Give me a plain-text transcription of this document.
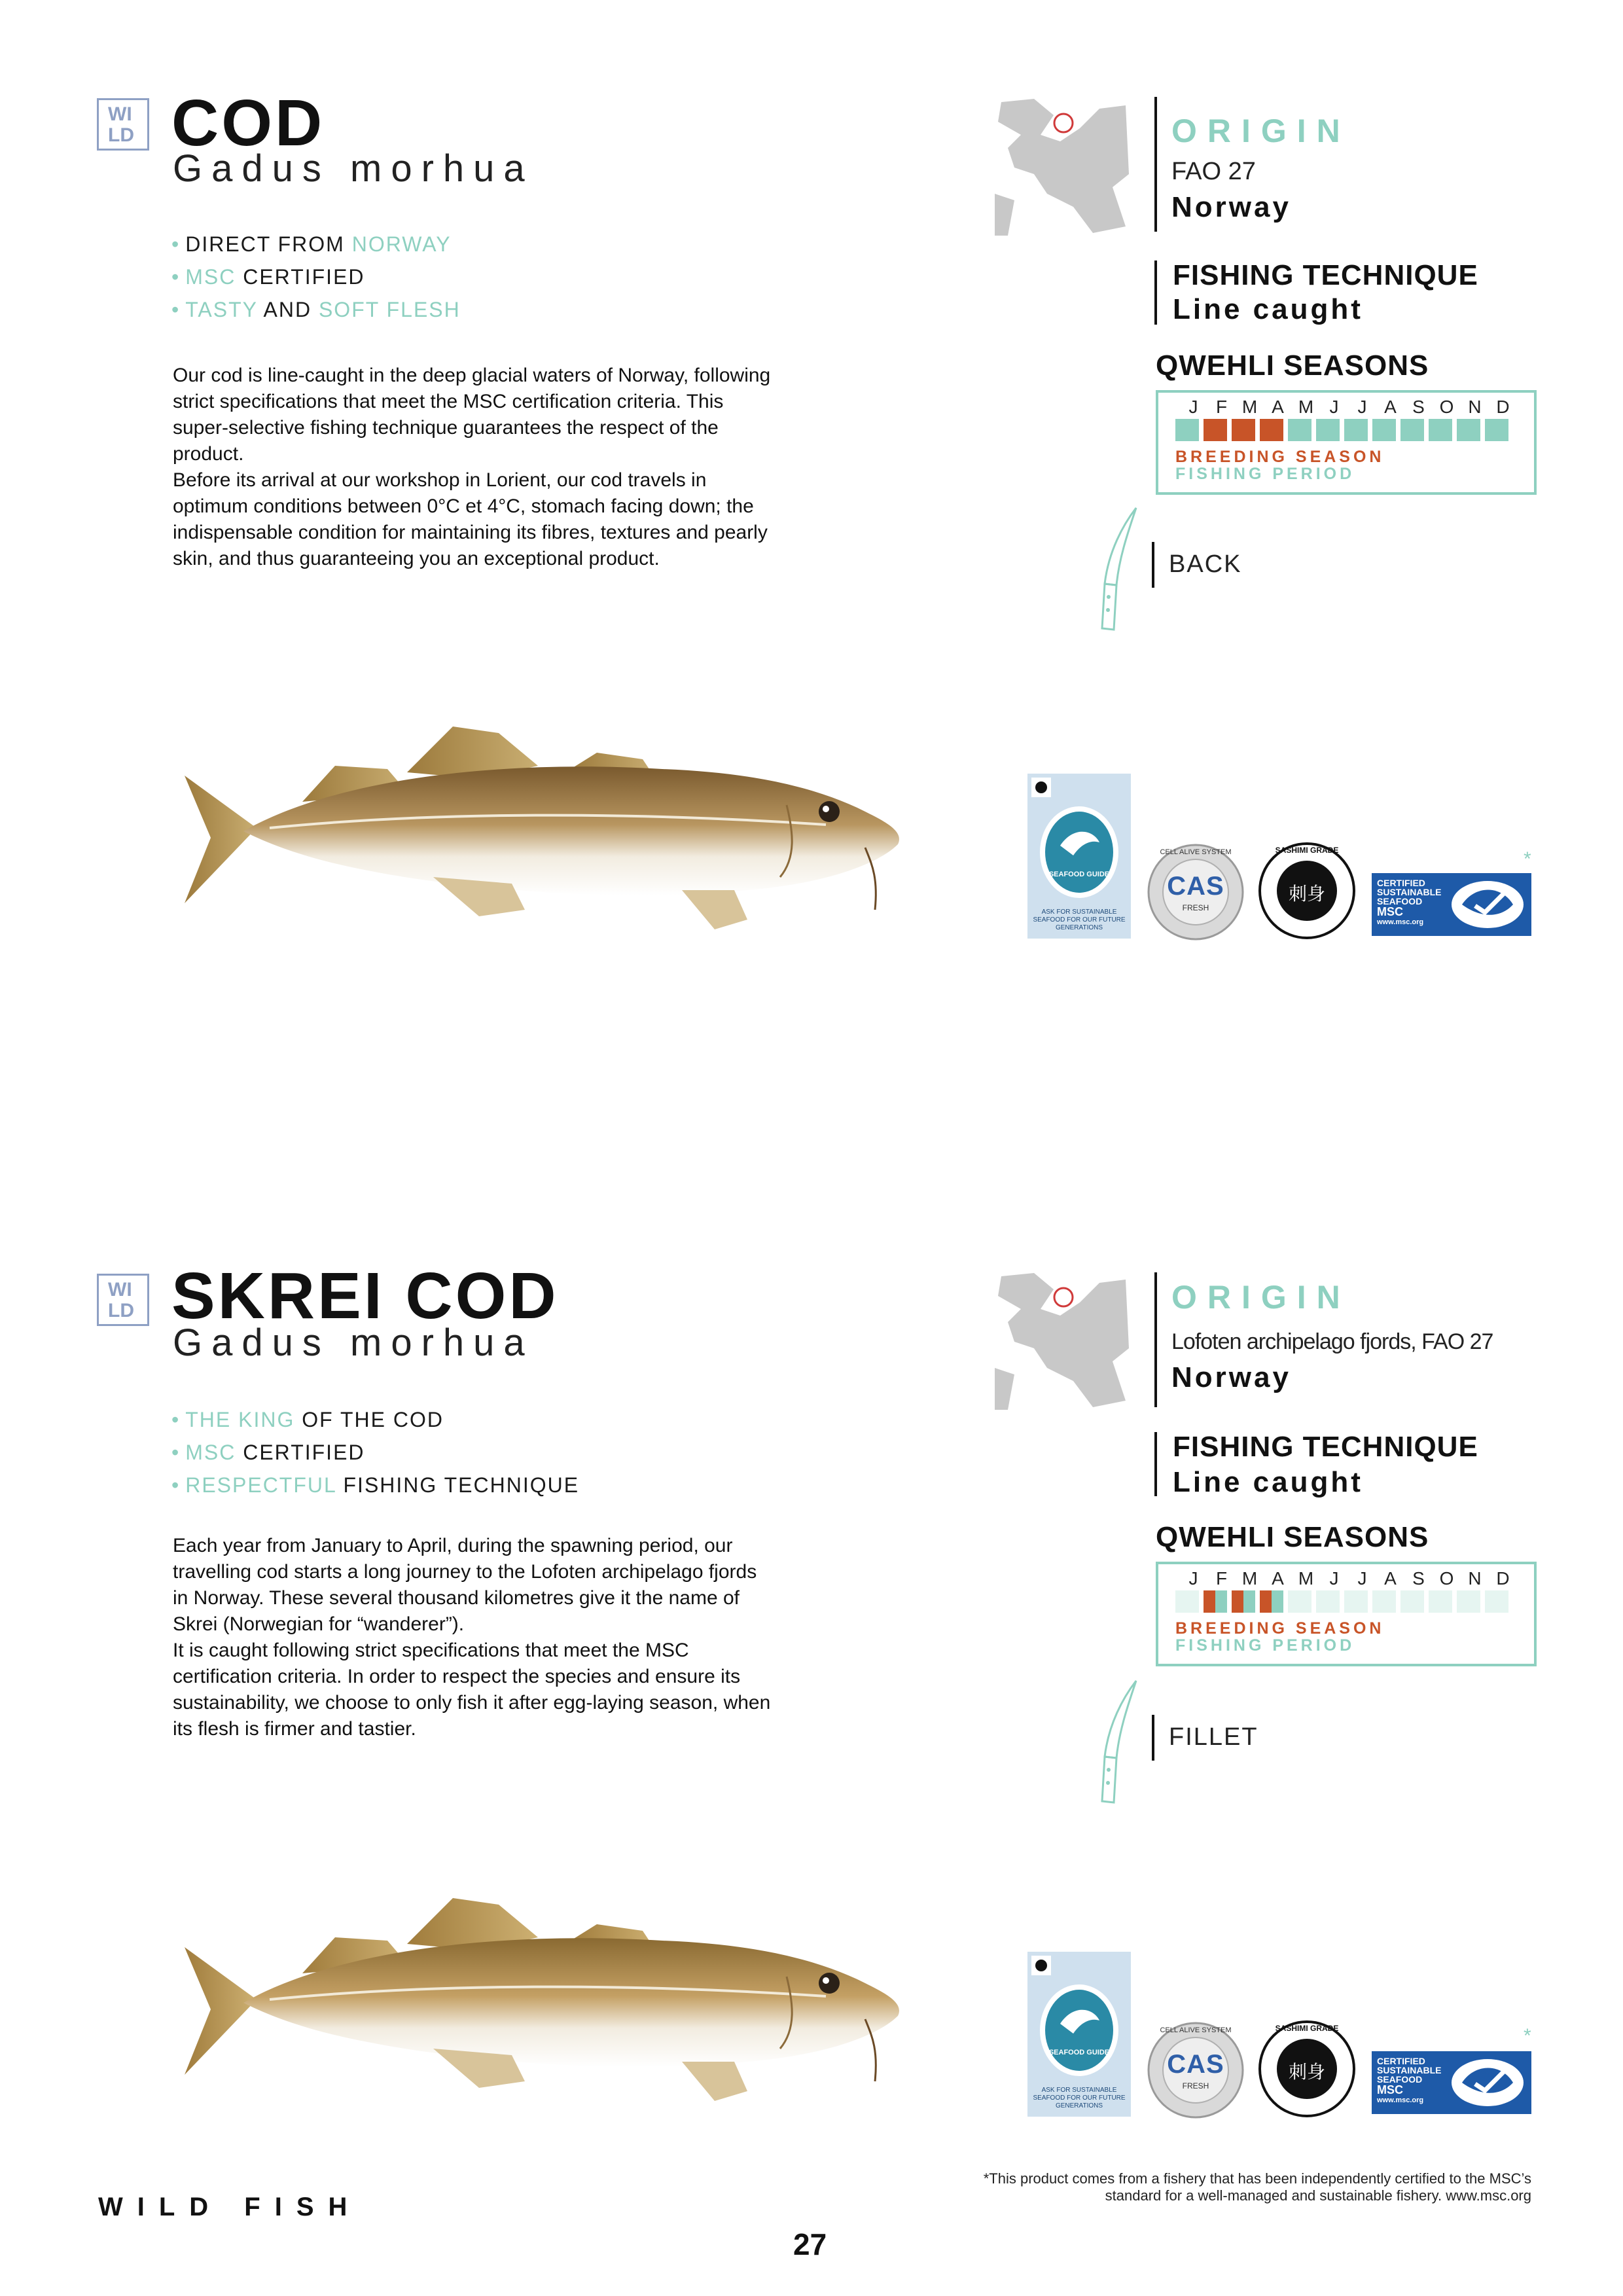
WI
LD COD
Gadus morhua
• DIRECT FROM NORWAY
• MSC CERTIFIED
• TASTY AND SOFT FLESH

Our cod is line-caught in the deep glacial waters of Norway, following strict specifications that meet the MSC certification criteria. This super-selective fishing technique guarantees the respect of the product.

Before its arrival at our workshop in Lorient, our cod travels in optimum conditions between 0°C et 4°C, stomach facing down; the indispensable condition for maintaining its fibres, textures and pearly skin, and thus guaranteeing you an exceptional product.

ORIGIN
FAO 27
Norway
FISHING TECHNIQUE
Line caught
QWEHLI SEASONS
J F M A M J	J A S O N D
BREEDING SEASON
FISHING PERIOD
BACK
SEAFOOD GUIDE
ASK FOR SUSTAINABLE SEAFOOD FOR OUR FUTURE GENERATIONS
CAS
FRESH
CELL ALIVE SYSTEM
刺身
SASHIMI GRADE
CERTIFIED
SUSTAINABLE
SEAFOOD
MSC
www.msc.org
*
WI
LD SKREI COD
Gadus morhua
• THE KING OF THE COD
• MSC CERTIFIED
• RESPECTFUL FISHING TECHNIQUE

Each year from January to April, during the spawning period, our travelling cod starts a long journey to the Lofoten archipelago fjords in Norway. These several thousand kilometres give it the name of Skrei (Norwegian for “wanderer”).

It is caught following strict specifications that meet the MSC certification criteria. In order to respect the species and ensure its sustainability, we choose to only fish it after egg-laying season, when its flesh is firmer and tastier.

ORIGIN
Lofoten archipelago fjords, FAO 27
Norway
FISHING TECHNIQUE
Line caught
QWEHLI SEASONS
J F M A M J	J A S O N D
BREEDING SEASON
FISHING PERIOD
FILLET
SEAFOOD GUIDE
ASK FOR SUSTAINABLE SEAFOOD FOR OUR FUTURE GENERATIONS
CAS
FRESH
CELL ALIVE SYSTEM
刺身
SASHIMI GRADE
CERTIFIED
SUSTAINABLE
SEAFOOD
MSC
www.msc.org
*
*This product comes from a fishery that has been independently certified to the MSC’s
standard for a well-managed and sustainable fishery. www.msc.org
WILD FISH
27
